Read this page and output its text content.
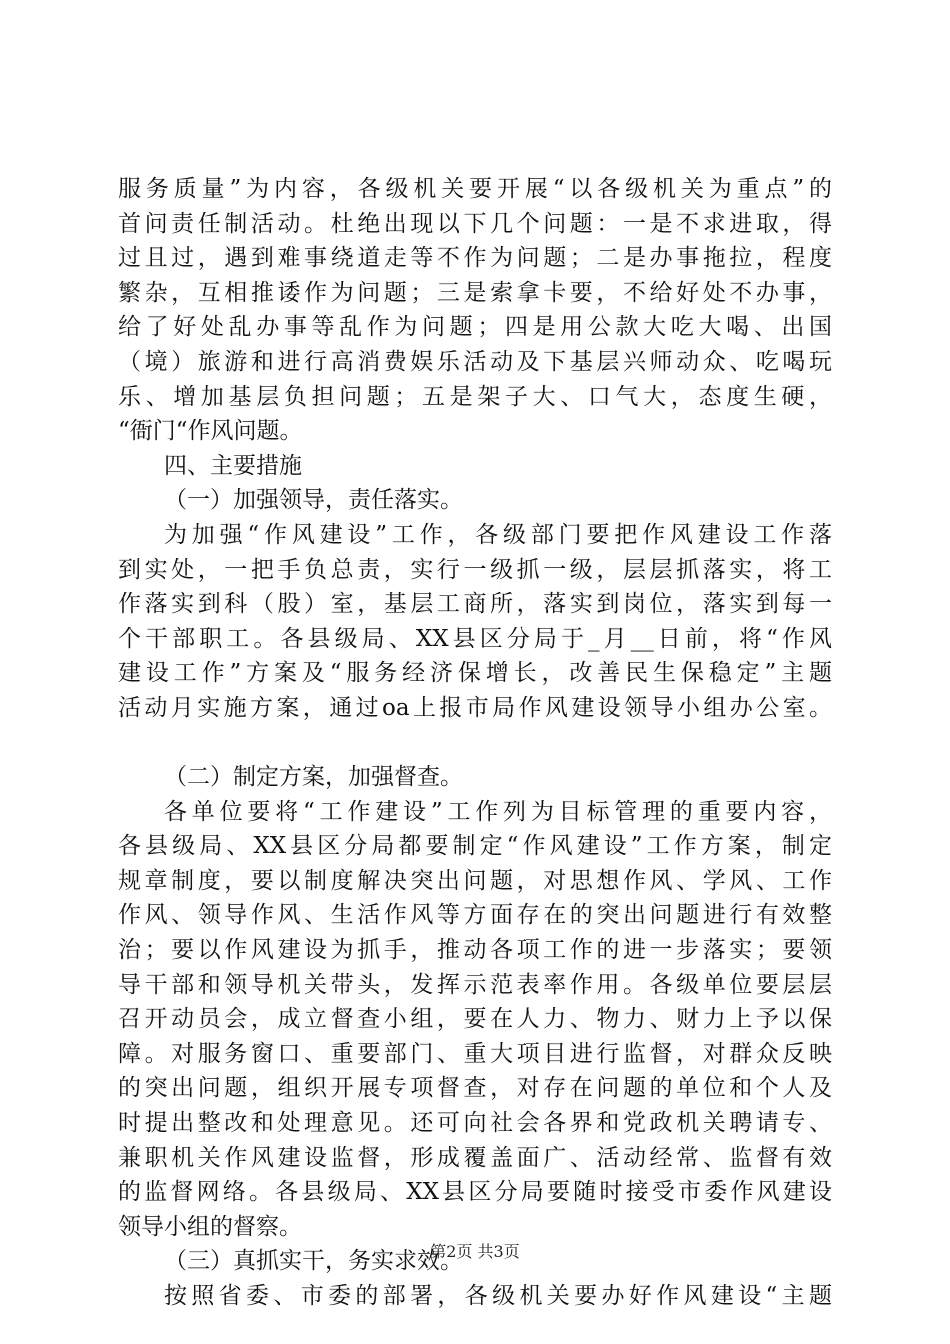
服务质量”为内容，各级机关要开展“以各级机关为重点”的
首问责任制活动。杜绝出现以下几个问题：一是不求进取，得
过且过，遇到难事绕道走等不作为问题；二是办事拖拉，程度
繁杂，互相推诿作为问题；三是索拿卡要，不给好处不办事，
给了好处乱办事等乱作为问题；四是用公款大吃大喝、出国
（境）旅游和进行高消费娱乐活动及下基层兴师动众、吃喝玩
乐、增加基层负担问题；五是架子大、口气大，态度生硬，
“衙门“作风问题。
四、主要措施
（一）加强领导，责任落实。
为加强“作风建设”工作，各级部门要把作风建设工作落
到实处，一把手负总责，实行一级抓一级，层层抓落实，将工
作落实到科（股）室，基层工商所，落实到岗位，落实到每一
个干部职工。各县级局、XX县区分局于_月__日前，将“作风
建设工作”方案及“服务经济保增长，改善民生保稳定”主题
活动月实施方案，通过oa上报市局作风建设领导小组办公室。
（二）制定方案，加强督查。
各单位要将“工作建设”工作列为目标管理的重要内容，
各县级局、XX县区分局都要制定“作风建设”工作方案，制定
规章制度，要以制度解决突出问题，对思想作风、学风、工作
作风、领导作风、生活作风等方面存在的突出问题进行有效整
治；要以作风建设为抓手，推动各项工作的进一步落实；要领
导干部和领导机关带头，发挥示范表率作用。各级单位要层层
召开动员会，成立督查小组，要在人力、物力、财力上予以保
障。对服务窗口、重要部门、重大项目进行监督，对群众反映
的突出问题，组织开展专项督查，对存在问题的单位和个人及
时提出整改和处理意见。还可向社会各界和党政机关聘请专、
兼职机关作风建设监督，形成覆盖面广、活动经常、监督有效
的监督网络。各县级局、XX县区分局要随时接受市委作风建设
领导小组的督察。
（三）真抓实干，务实求效。
按照省委、市委的部署，各级机关要办好作风建设“主题
第2页 共3页
